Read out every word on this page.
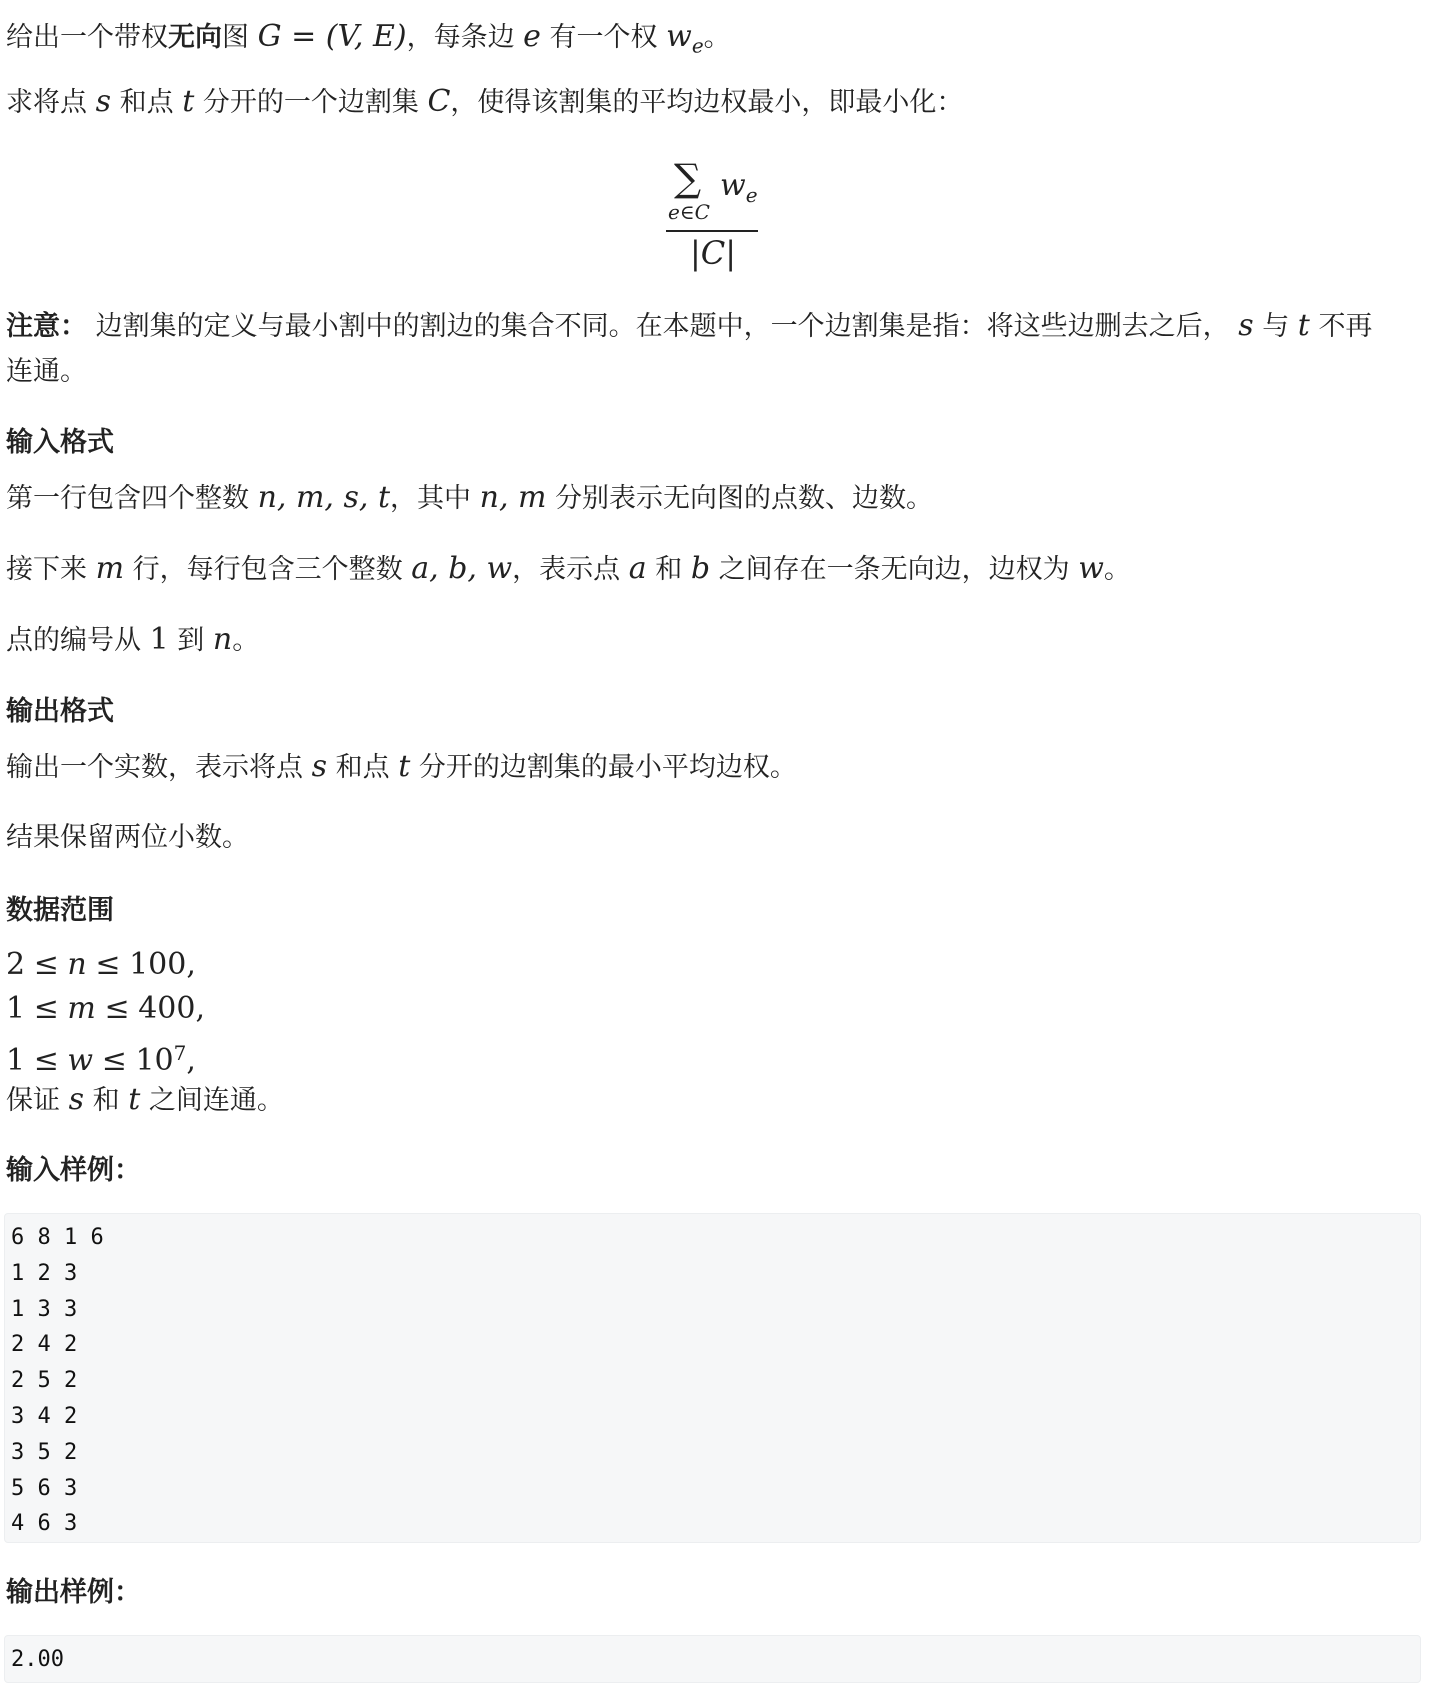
给出一个带权无向图 G = (V, E)，每条边 e 有一个权 $w_e$。
求将点 s 和点 t 分开的一个边割集 C，使得该割集的平均边权最小，即最小化：
∑ $w_e$
e∈C
|C|
注意： 边割集的定义与最小割中的割边的集合不同。在本题中，一个边割集是指：将这些边删去之后， s 与 t 不再
连通。
输入格式
第一行包含四个整数 n, m, s, t，其中 n, m 分别表示无向图的点数、边数。
接下来 m 行，每行包含三个整数 a, b, w，表示点 a 和 b 之间存在一条无向边，边权为 w。
点的编号从 1 到 n。
输出格式
输出一个实数，表示将点 s 和点 t 分开的边割集的最小平均边权。
结果保留两位小数。
数据范围
2 ≤ n ≤ 100,
1 ≤ m ≤ 400,
$1 \le w \le 10^7$,
保证 s 和 t 之间连通。
输入样例：
6 8 1 6
1 2 3
1 3 3
2 4 2
2 5 2
3 4 2
3 5 2
5 6 3
4 6 3
输出样例：
2.00
